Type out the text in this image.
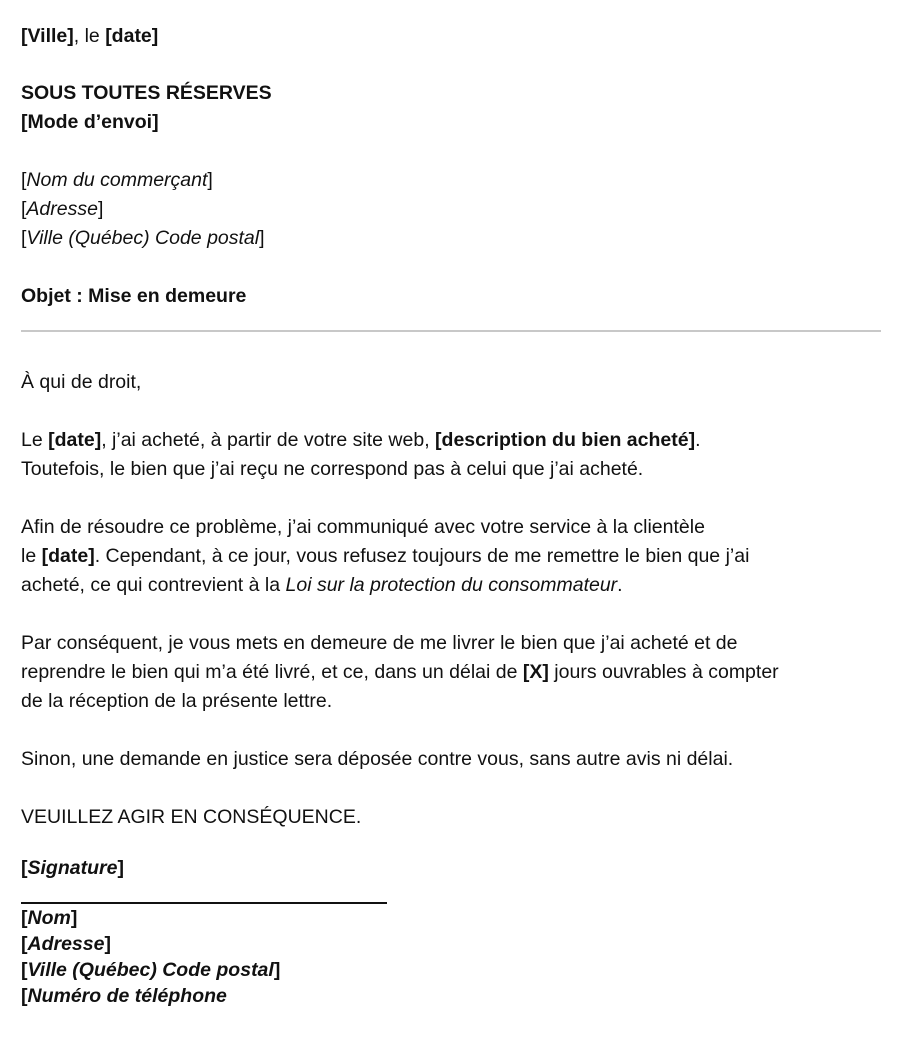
[Ville], le [date]
SOUS TOUTES RÉSERVES
[Mode d’envoi]
[Nom du commerçant]
[Adresse]
[Ville (Québec) Code postal]
Objet : Mise en demeure
À qui de droit,
Le [date], j’ai acheté, à partir de votre site web, [description du bien acheté].
Toutefois, le bien que j’ai reçu ne correspond pas à celui que j’ai acheté.
Afin de résoudre ce problème, j’ai communiqué avec votre service à la clientèle
le [date]. Cependant, à ce jour, vous refusez toujours de me remettre le bien que j’ai
acheté, ce qui contrevient à la Loi sur la protection du consommateur.
Par conséquent, je vous mets en demeure de me livrer le bien que j’ai acheté et de
reprendre le bien qui m’a été livré, et ce, dans un délai de [X] jours ouvrables à compter
de la réception de la présente lettre.
Sinon, une demande en justice sera déposée contre vous, sans autre avis ni délai.
VEUILLEZ AGIR EN CONSÉQUENCE.
[Signature]
[Nom]
[Adresse]
[Ville (Québec) Code postal]
[Numéro de téléphone
